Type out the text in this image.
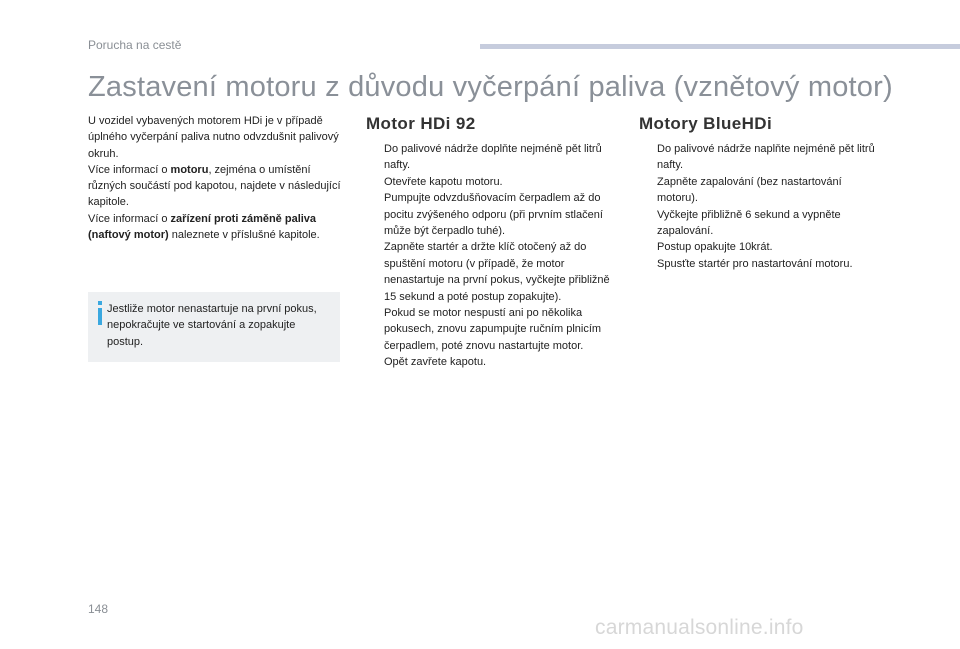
Porucha na cestě
Zastavení motoru z důvodu vyčerpání paliva (vznětový motor)

U vozidel vybavených motorem HDi je v případě úplného vyčerpání paliva nutno odvzdušnit palivový okruh.

Více informací o motoru, zejména o umístění různých součástí pod kapotou, najdete v následující kapitole.

Více informací o zařízení proti záměně paliva (naftový motor) naleznete v příslušné kapitole.

Jestliže motor nenastartuje na první pokus, nepokračujte ve startování a zopakujte postup.
Motor HDi 92
Do palivové nádrže doplňte nejméně pět litrů nafty.
Otevřete kapotu motoru.
Pumpujte odvzdušňovacím čerpadlem až do pocitu zvýšeného odporu (při prvním stlačení může být čerpadlo tuhé).
Zapněte startér a držte klíč otočený až do spuštění motoru (v případě, že motor nenastartuje na první pokus, vyčkejte přibližně 15 sekund a poté postup zopakujte).
Pokud se motor nespustí ani po několika pokusech, znovu zapumpujte ručním plnicím čerpadlem, poté znovu nastartujte motor.
Opět zavřete kapotu.
Motory BlueHDi
Do palivové nádrže naplňte nejméně pět litrů nafty.
Zapněte zapalování (bez nastartování motoru).
Vyčkejte přibližně 6 sekund a vypněte zapalování.
Postup opakujte 10krát.
Spusťte startér pro nastartování motoru.
148
carmanualsonline.info
